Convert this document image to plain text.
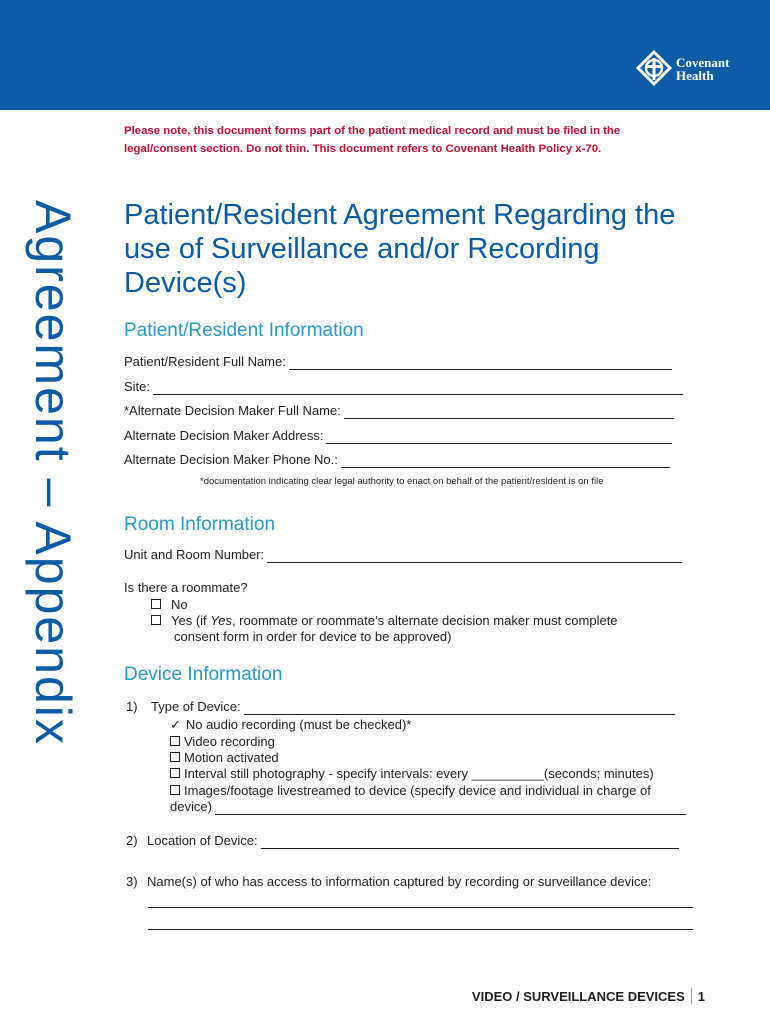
Covenant
Health
Please note, this document forms part of the patient medical record and must be filed in the legal/consent section. Do not thin. This document refers to Covenant Health Policy x-70.
Agreement – Appendix Patient/Resident Agreement Regarding the
use of Surveillance and/or Recording
Device(s)
Patient/Resident Information
Patient/Resident Full Name:
Site:
*Alternate Decision Maker Full Name:
Alternate Decision Maker Address:
Alternate Decision Maker Phone No.:
*documentation indicating clear legal authority to enact on behalf of the patient/resident is on file
Room Information
Unit and Room Number:
Is there a roommate?
No
Yes (if Yes, roommate or roommate’s alternate decision maker must complete
consent form in order for device to be approved)
Device Information
1) Type of Device:
✓ No audio recording (must be checked)*
Video recording
Motion activated
Interval still photography - specify intervals: every __________(seconds; minutes)
Images/footage livestreamed to device (specify device and individual in charge of
device)
2) Location of Device:
3) Name(s) of who has access to information captured by recording or surveillance device:
VIDEO / SURVEILLANCE DEVICES 1
